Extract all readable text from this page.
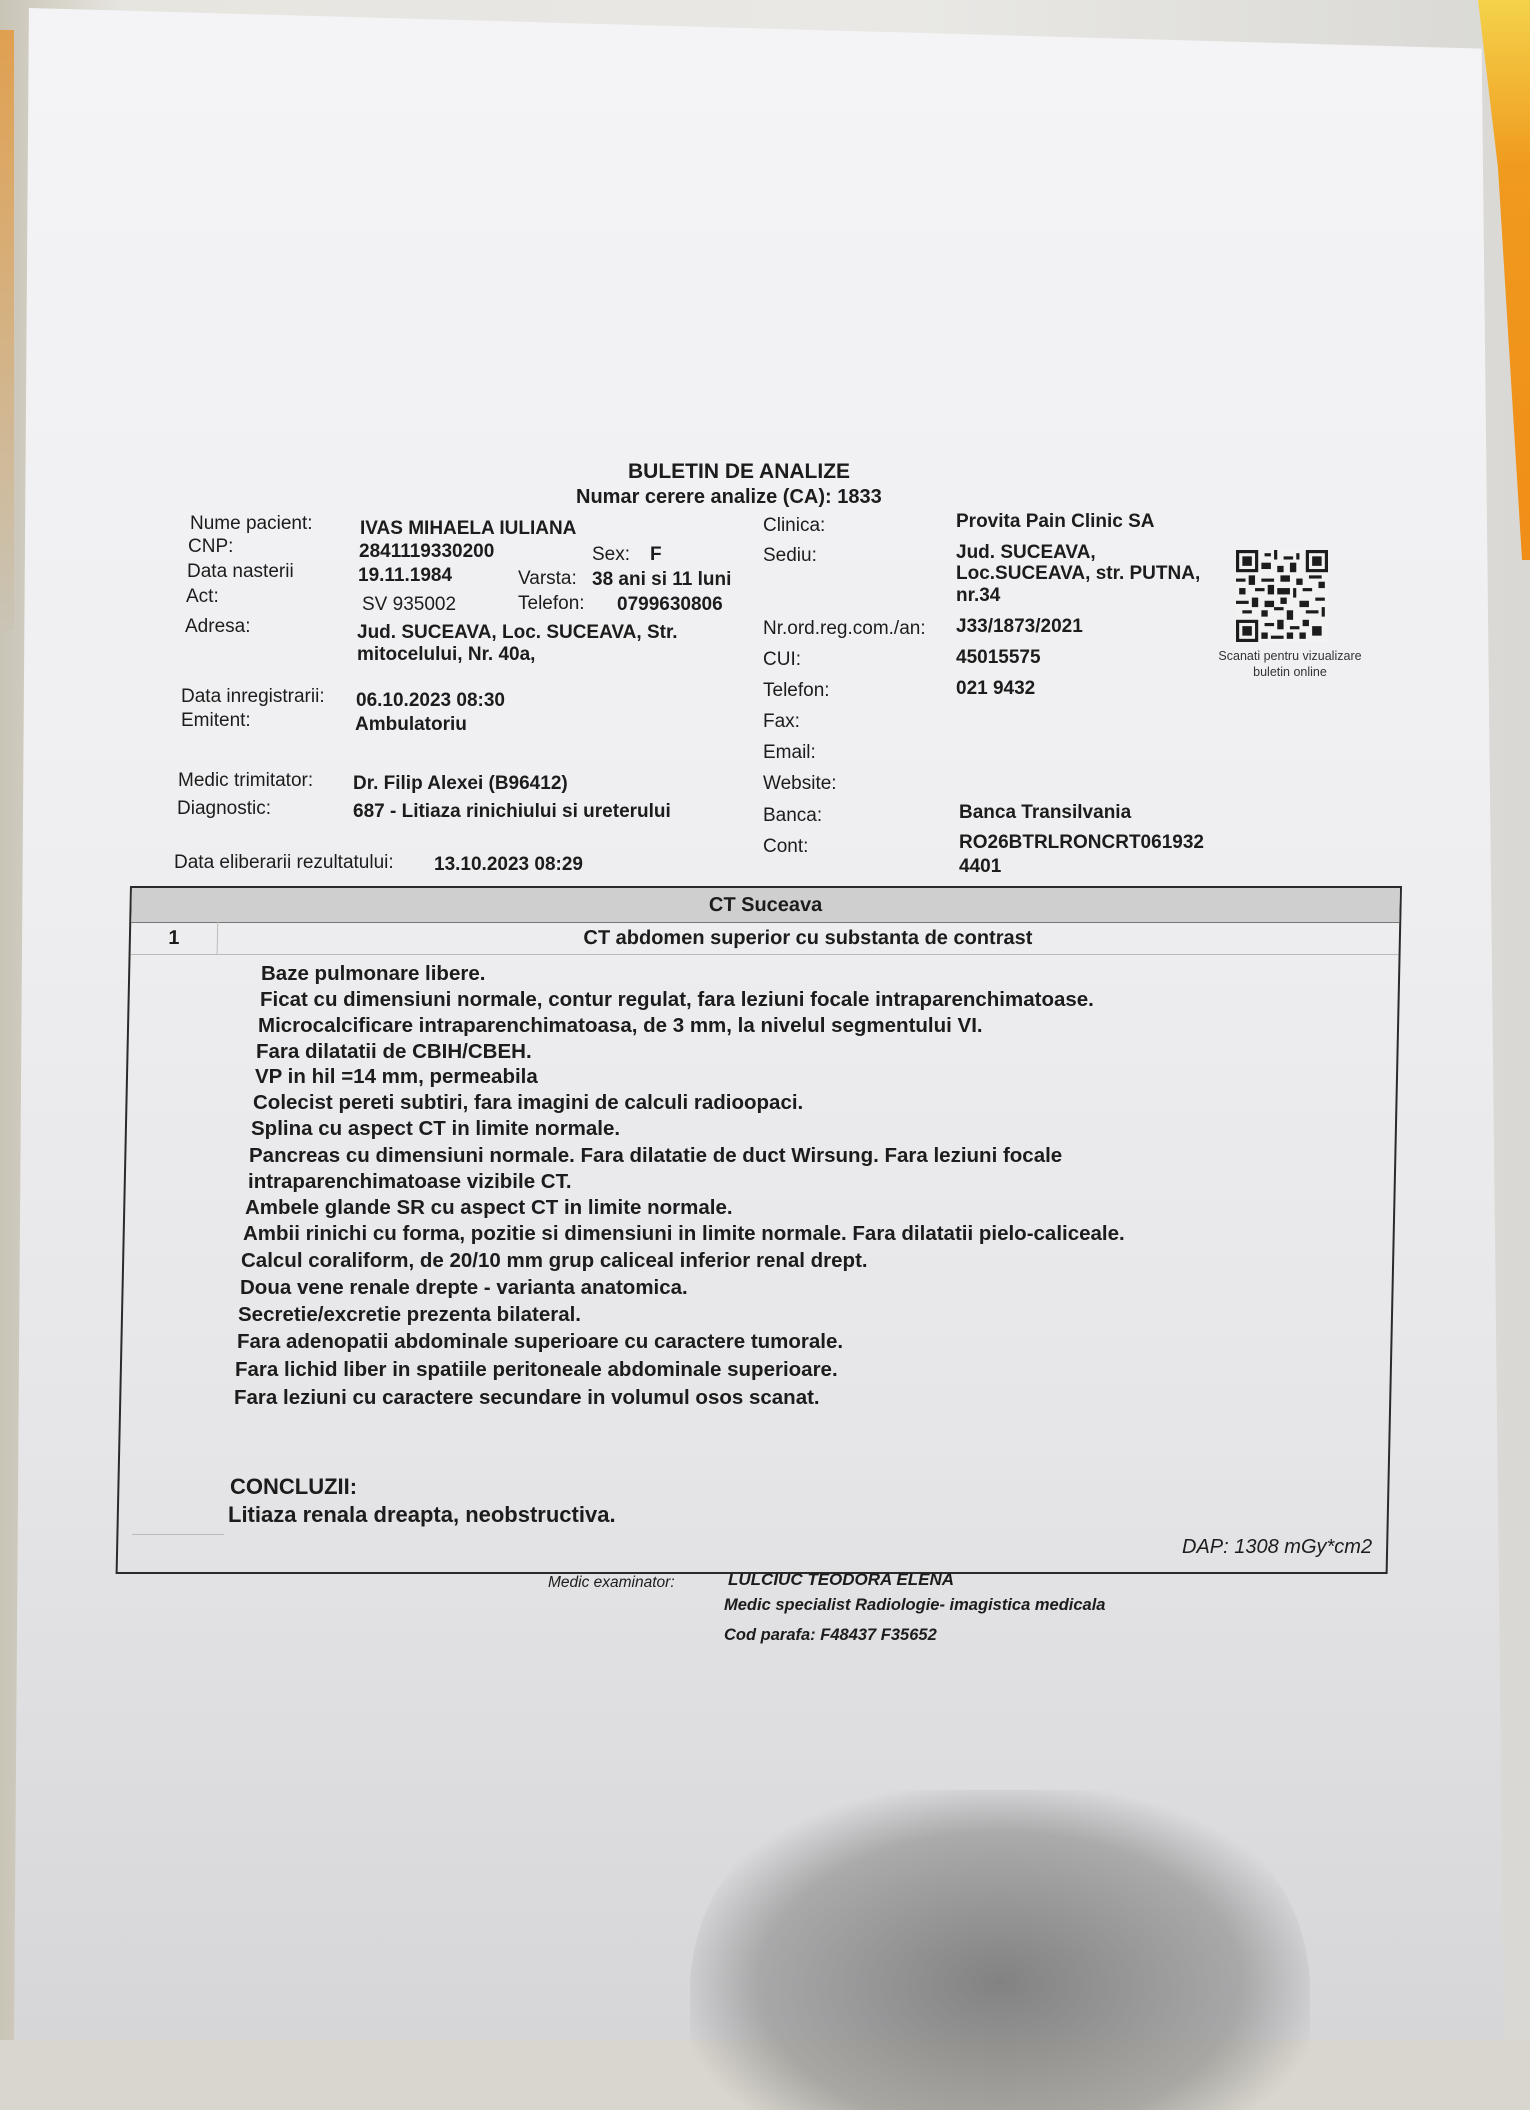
BULETIN DE ANALIZE
Numar cerere analize (CA): 1833
Nume pacient: IVAS MIHAELA IULIANA
CNP:	2841119330200	Sex: F
Data nasterii	19.11.1984	Varsta: 38 ani si 11 luni
Act:	SV 935002	Telefon: 0799630806
Adresa:	Jud. SUCEAVA, Loc. SUCEAVA, Str.
mitocelului, Nr. 40a,
Data inregistrarii: 06.10.2023 08:30
Emitent:	Ambulatoriu
Medic trimitator: Dr. Filip Alexei (B96412)
Diagnostic:	687 - Litiaza rinichiului si ureterului
Data eliberarii rezultatului: 13.10.2023 08:29
Clinica:	Provita Pain Clinic SA
Sediu:	Jud. SUCEAVA,
Loc.SUCEAVA, str. PUTNA,
nr.34
Nr.ord.reg.com./an: J33/1873/2021
CUI:	45015575
Telefon:	021 9432
Fax:
Email:
Website:
Banca:	Banca Transilvania
Cont:	RO26BTRLRONCRT061932
4401
Scanati pentru vizualizare buletin online
CT Suceava
1	CT abdomen superior cu substanta de contrast
Baze pulmonare libere.
Ficat cu dimensiuni normale, contur regulat, fara leziuni focale intraparenchimatoase.
Microcalcificare intraparenchimatoasa, de 3 mm, la nivelul segmentului VI.
Fara dilatatii de CBIH/CBEH.
VP in hil =14 mm, permeabila
Colecist pereti subtiri, fara imagini de calculi radioopaci.
Splina cu aspect CT in limite normale.
Pancreas cu dimensiuni normale. Fara dilatatie de duct Wirsung. Fara leziuni focale
intraparenchimatoase vizibile CT.
Ambele glande SR cu aspect CT in limite normale.
Ambii rinichi cu forma, pozitie si dimensiuni in limite normale. Fara dilatatii pielo-caliceale.
Calcul coraliform, de 20/10 mm grup caliceal inferior renal drept.
Doua vene renale drepte - varianta anatomica.
Secretie/excretie prezenta bilateral.
Fara adenopatii abdominale superioare cu caractere tumorale.
Fara lichid liber in spatiile peritoneale abdominale superioare.
Fara leziuni cu caractere secundare in volumul osos scanat.
CONCLUZII:
Litiaza renala dreapta, neobstructiva.
DAP: 1308 mGy*cm2
Medic examinator:	LULCIUC TEODORA ELENA
Medic specialist Radiologie- imagistica medicala
Cod parafa: F48437 F35652
